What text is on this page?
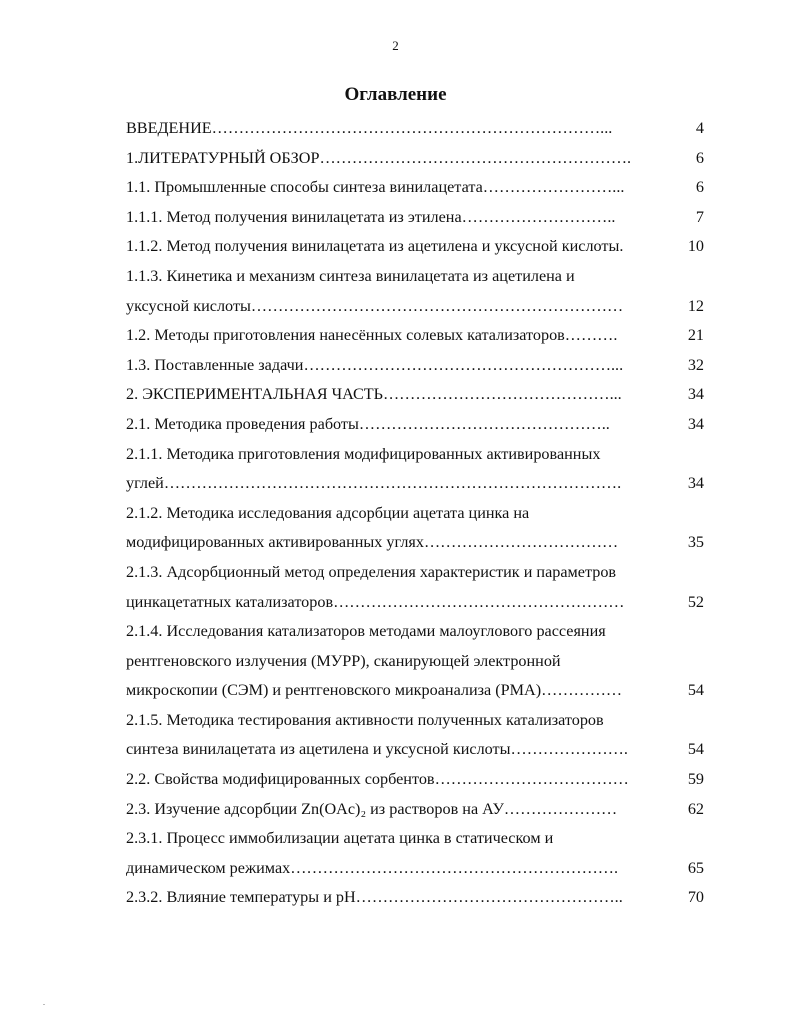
2
Оглавление
ВВЕДЕНИЕ………………………………………………………………...	4
1.ЛИТЕРАТУРНЫЙ ОБЗОР………………………………………………….	6
1.1. Промышленные способы синтеза винилацетата……………………...	6
1.1.1. Метод получения винилацетата из этилена………………………..	7
1.1.2. Метод получения винилацетата из ацетилена и уксусной кислоты.	10
1.1.3. Кинетика и механизм синтеза винилацетата из ацетилена и
уксусной кислоты……………………………………………………………	12
1.2. Методы приготовления нанесённых солевых катализаторов……….	21
1.3. Поставленные задачи…………………………………………………...	32
2. ЭКСПЕРИМЕНТАЛЬНАЯ ЧАСТЬ……………………………………...	34
2.1. Методика проведения работы………………………………………..	34
2.1.1. Методика приготовления модифицированных активированных
углей………………………………………………………………………….	34
2.1.2. Методика исследования адсорбции ацетата цинка на
модифицированных активированных углях………………………………	35
2.1.3. Адсорбционный метод определения характеристик и параметров
цинкацетатных катализаторов………………………………………………	52
2.1.4. Исследования катализаторов методами малоуглового рассеяния
рентгеновского излучения (МУРР), сканирующей электронной
микроскопии (СЭМ) и рентгеновского микроанализа (РМА)……………	54
2.1.5. Методика тестирования активности полученных катализаторов
синтеза винилацетата из ацетилена и уксусной кислоты………………….	54
2.2. Свойства модифицированных сорбентов………………………………	59
2.3. Изучение адсорбции Zn(OAc)₂ из растворов на АУ…………………	62
2.3.1. Процесс иммобилизации ацетата цинка в статическом и
динамическом режимах…………………………………………………….	65
2.3.2. Влияние температуры и pH…………………………………………..	70
